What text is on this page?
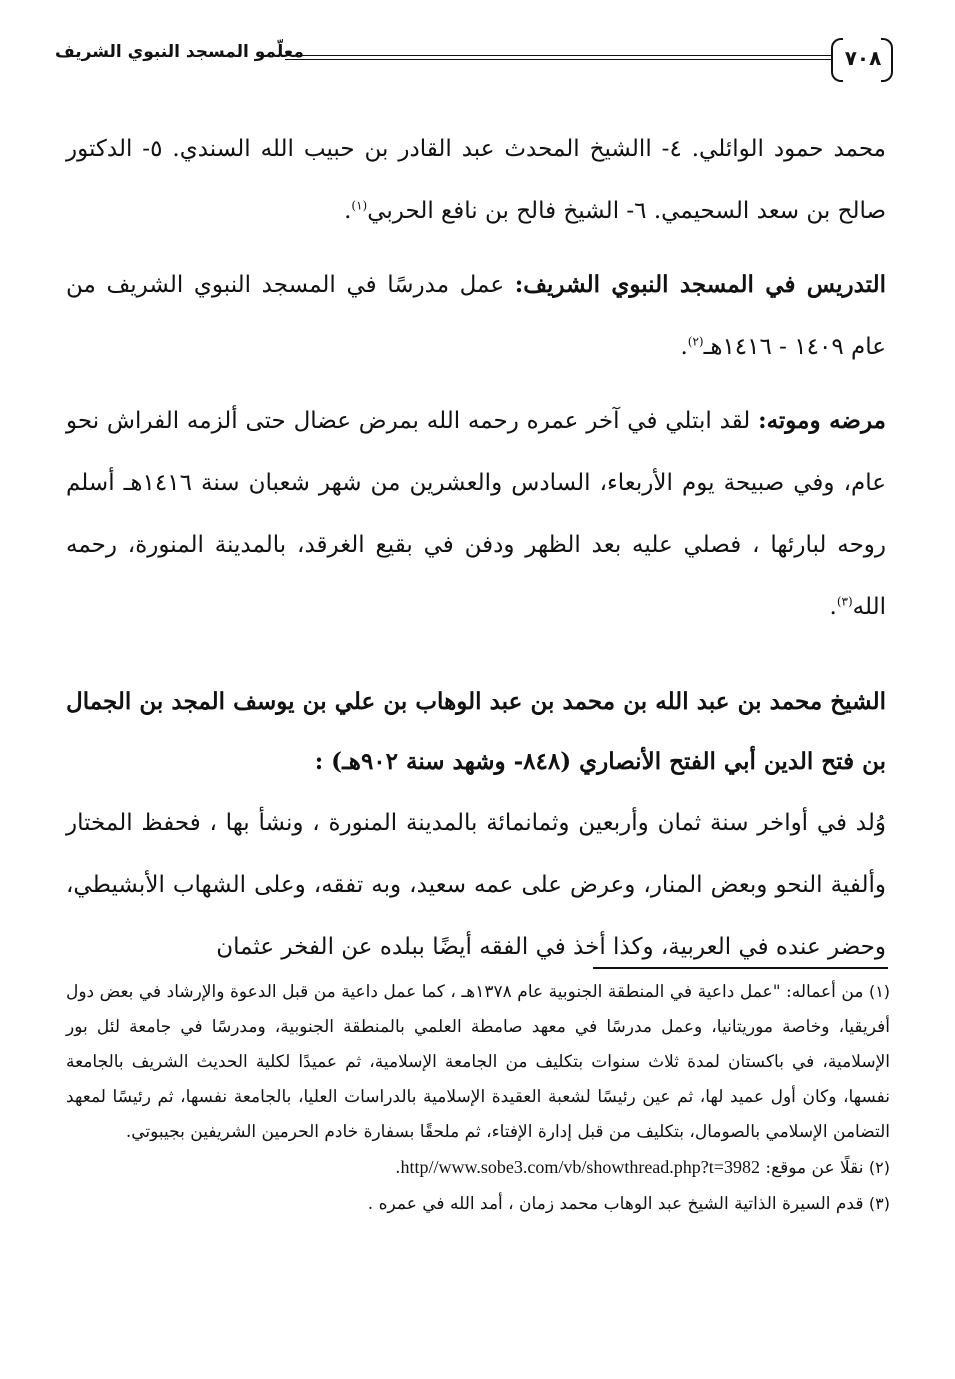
٧٠٨
معلّمو المسجد النبوي الشريف

محمد حمود الوائلي. ٤- االشيخ المحدث عبد القادر بن حبيب الله السندي. ٥- الدكتور صالح بن سعد السحيمي. ٦- الشيخ فالح بن نافع الحربي$^{(١)}$.

التدريس في المسجد النبوي الشريف: عمل مدرسًا في المسجد النبوي الشريف من عام ١٤٠٩ - ١٤١٦هـ$^{(٢)}$.

مرضه وموته: لقد ابتلي في آخر عمره رحمه الله بمرض عضال حتى ألزمه الفراش نحو عام، وفي صبيحة يوم الأربعاء، السادس والعشرين من شهر شعبان سنة ١٤١٦هـ أسلم روحه لبارئها ، فصلي عليه بعد الظهر ودفن في بقيع الغرقد، بالمدينة المنورة، رحمه الله$^{(٣)}$.

الشيخ محمد بن عبد الله بن محمد بن عبد الوهاب بن علي بن يوسف المجد بن الجمال بن فتح الدين أبي الفتح الأنصاري (٨٤٨- وشهد سنة ٩٠٢هـ) :

وُلد في أواخر سنة ثمان وأربعين وثمانمائة بالمدينة المنورة ، ونشأ بها ، فحفظ المختار وألفية النحو وبعض المنار، وعرض على عمه سعيد، وبه تفقه، وعلى الشهاب الأبشيطي، وحضر عنده في العربية، وكذا أخذ في الفقه أيضًا ببلده عن الفخر عثمان

(١) من أعماله: "عمل داعية في المنطقة الجنوبية عام ١٣٧٨هـ ، كما عمل داعية من قبل الدعوة والإرشاد في بعض دول أفريقيا، وخاصة موريتانيا، وعمل مدرسًا في معهد صامطة العلمي بالمنطقة الجنوبية، ومدرسًا في جامعة لئل بور الإسلامية، في باكستان لمدة ثلاث سنوات بتكليف من الجامعة الإسلامية، ثم عميدًا لكلية الحديث الشريف بالجامعة نفسها، وكان أول عميد لها، ثم عين رئيسًا لشعبة العقيدة الإسلامية بالدراسات العليا، بالجامعة نفسها، ثم رئيسًا لمعهد التضامن الإسلامي بالصومال، بتكليف من قبل إدارة الإفتاء، ثم ملحقًا بسفارة خادم الحرمين الشريفين بجيبوتي.

(٢) نقلًا عن موقع: http//www.sobe3.com/vb/showthread.php?t=3982.

(٣) قدم السيرة الذاتية الشيخ عبد الوهاب محمد زمان ، أمد الله في عمره .
